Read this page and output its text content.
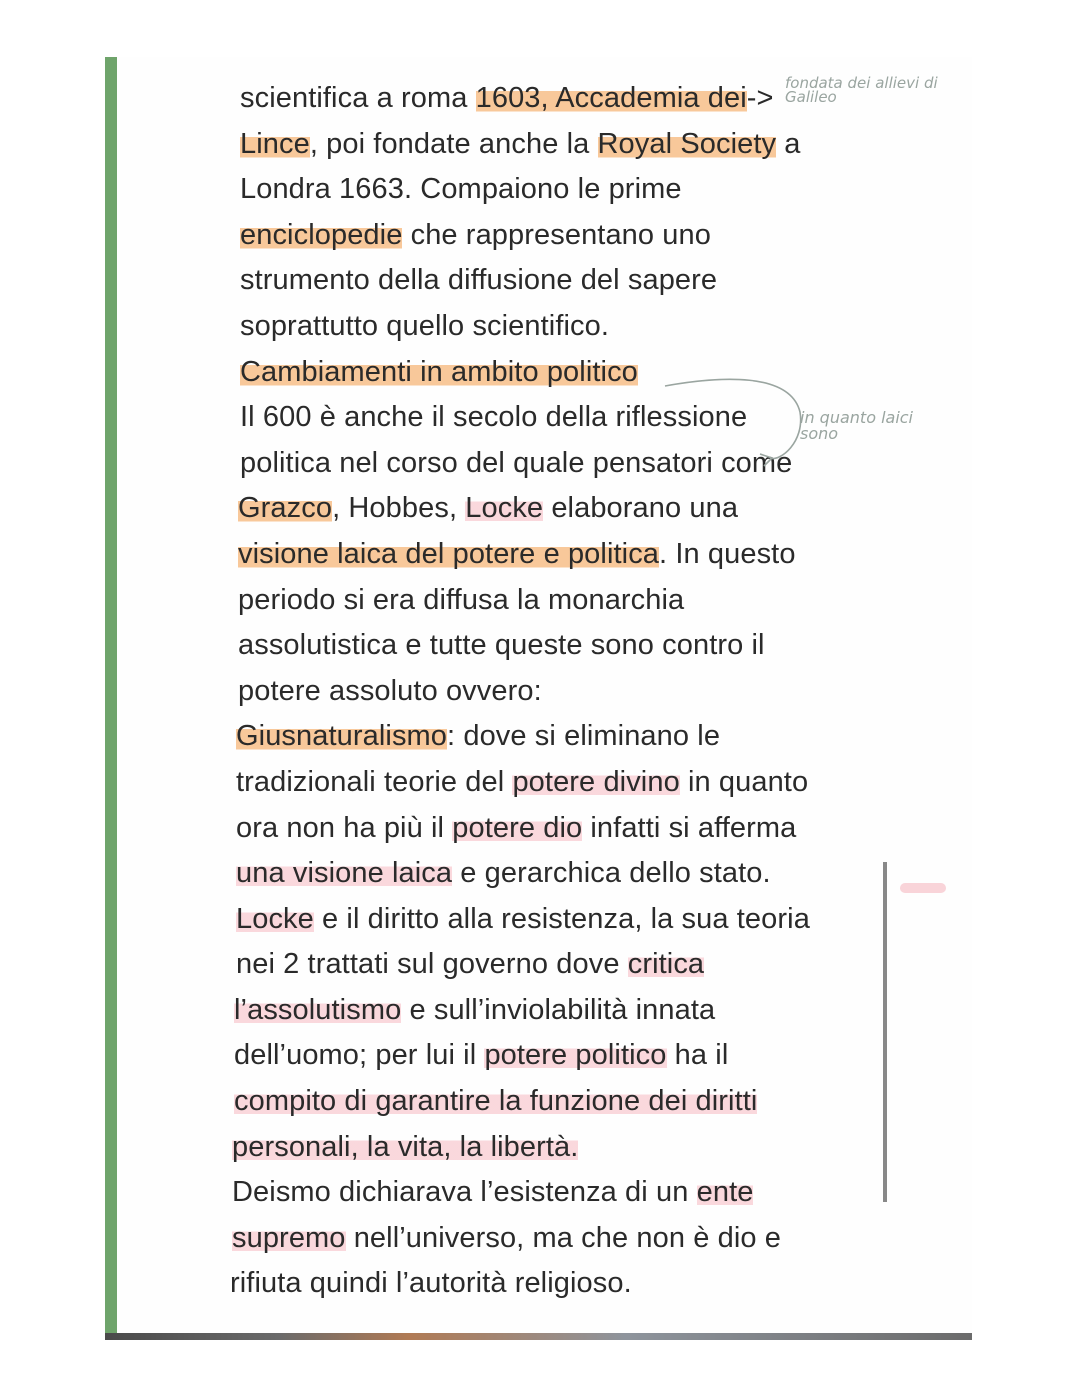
scientifica a roma 1603, Accademia dei->
Lince, poi fondate anche la Royal Society a
Londra 1663. Compaiono le prime
enciclopedie che rappresentano uno
strumento della diffusione del sapere
soprattutto quello scientifico.
Cambiamenti in ambito politico
Il 600 è anche il secolo della riflessione
politica nel corso del quale pensatori come
Grazco, Hobbes, Locke elaborano una
visione laica del potere e politica. In questo
periodo si era diffusa la monarchia
assolutistica e tutte queste sono contro il
potere assoluto ovvero:
Giusnaturalismo: dove si eliminano le
tradizionali teorie del potere divino in quanto
ora non ha più il potere dio infatti si afferma
una visione laica e gerarchica dello stato.
Locke e il diritto alla resistenza, la sua teoria
nei 2 trattati sul governo dove critica
l’assolutismo e sull’inviolabilità innata
dell’uomo; per lui il potere politico ha il
compito di garantire la funzione dei diritti
personali, la vita, la libertà.
Deismo dichiarava l’esistenza di un ente
supremo nell’universo, ma che non è dio e
rifiuta quindi l’autorità religioso.
fondata dei allievi di Galileo
in quanto laici sono
